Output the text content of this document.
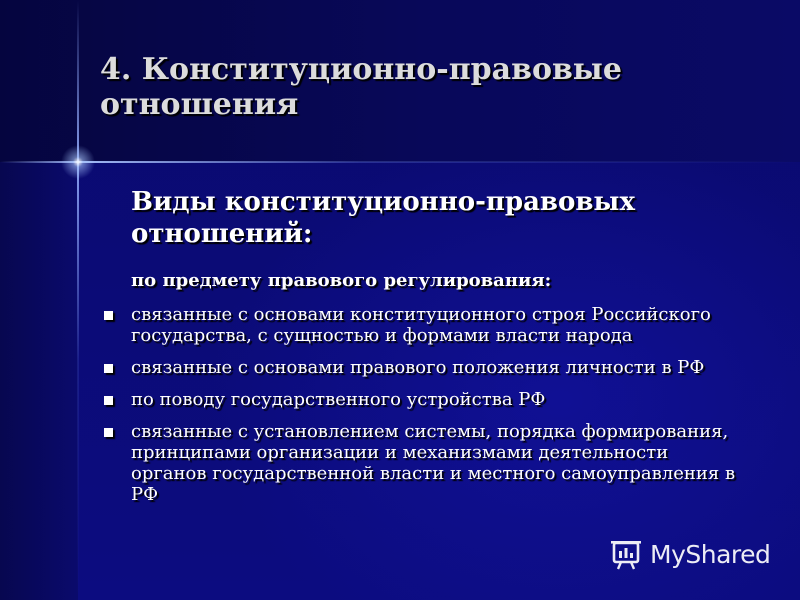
4. Конституционно-правовые отношения
Виды конституционно-правовых отношений:
по предмету правового регулирования:
связанные с основами конституционного строя Российского государства, с сущностью и формами власти народа
связанные с основами правового положения личности в РФ
по поводу государственного устройства РФ
связанные с установлением системы, порядка формирования, принципами организации и механизмами деятельности органов государственной власти и местного самоуправления в РФ
MyShared
